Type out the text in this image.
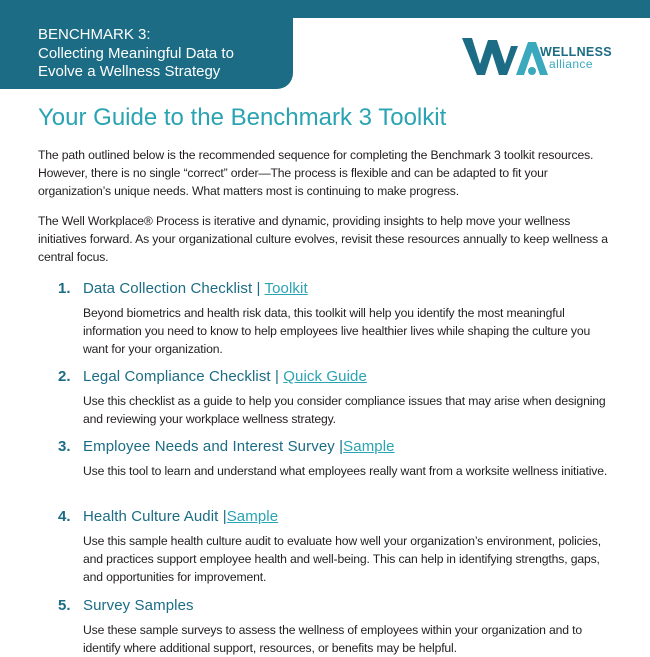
BENCHMARK 3:
Collecting Meaningful Data to
Evolve a Wellness Strategy
WELLNESS
alliance
Your Guide to the Benchmark 3 Toolkit

The path outlined below is the recommended sequence for completing the Benchmark 3 toolkit resources. However, there is no single “correct” order—The process is flexible and can be adapted to fit your organization’s unique needs. What matters most is continuing to make progress.

The Well Workplace® Process is iterative and dynamic, providing insights to help move your wellness initiatives forward. As your organizational culture evolves, revisit these resources annually to keep wellness a central focus.

1. Data Collection Checklist | Toolkit

Beyond biometrics and health risk data, this toolkit will help you identify the most meaningful information you need to know to help employees live healthier lives while shaping the culture you want for your organization.

2. Legal Compliance Checklist | Quick Guide

Use this checklist as a guide to help you consider compliance issues that may arise when designing and reviewing your workplace wellness strategy.

3. Employee Needs and Interest Survey |Sample

Use this tool to learn and understand what employees really want from a worksite wellness initiative.

4. Health Culture Audit |Sample

Use this sample health culture audit to evaluate how well your organization’s environment, policies, and practices support employee health and well-being. This can help in identifying strengths, gaps, and opportunities for improvement.

5. Survey Samples

Use these sample surveys to assess the wellness of employees within your organization and to identify where additional support, resources, or benefits may be helpful.
